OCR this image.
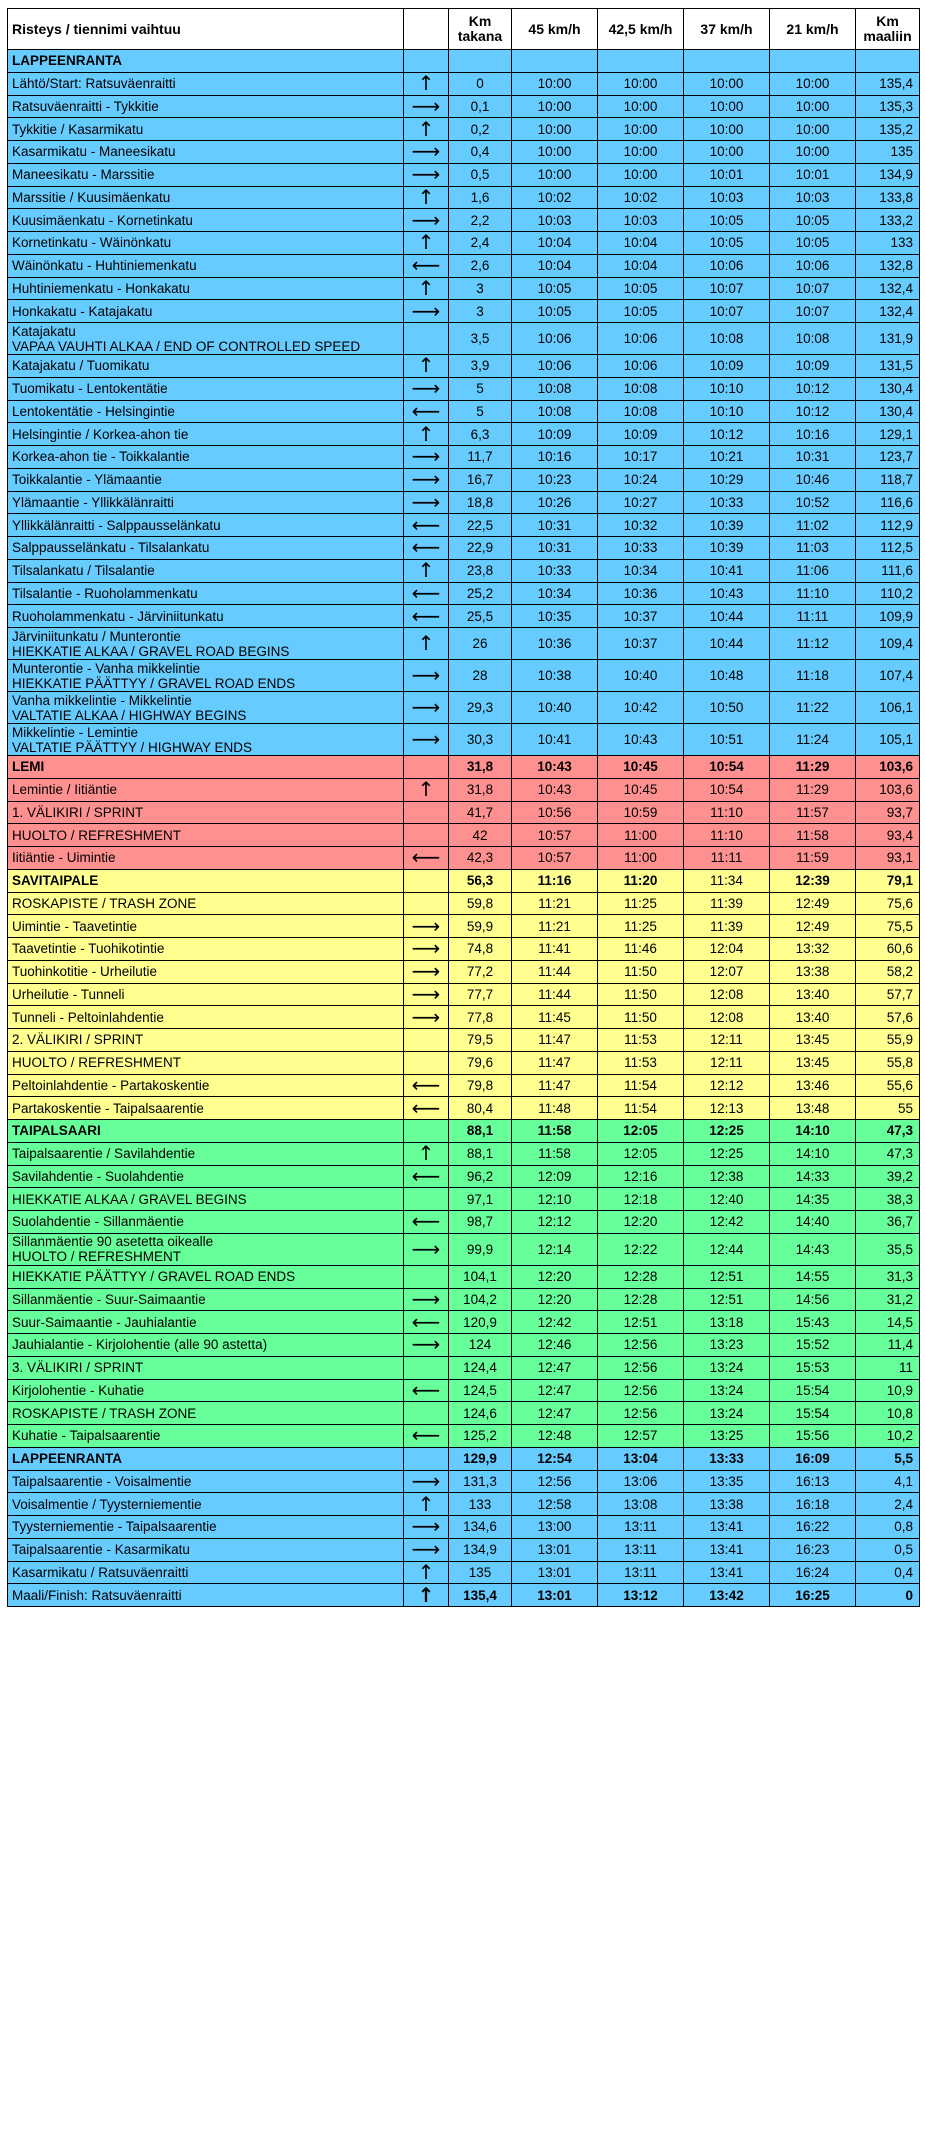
Risteys / tiennimi vaihtuu		Km takana	45 km/h	42,5 km/h	37 km/h	21 km/h	Km maaliin

LAPPEENRANTA							

Lähtö/Start: Ratsuväenraitti	↑	0	10:00	10:00	10:00	10:00	135,4

Ratsuväenraitti - Tykkitie	⟶	0,1	10:00	10:00	10:00	10:00	135,3

Tykkitie / Kasarmikatu	↑	0,2	10:00	10:00	10:00	10:00	135,2

Kasarmikatu - Maneesikatu	⟶	0,4	10:00	10:00	10:00	10:00	135

Maneesikatu - Marssitie	⟶	0,5	10:00	10:00	10:01	10:01	134,9

Marssitie / Kuusimäenkatu	↑	1,6	10:02	10:02	10:03	10:03	133,8

Kuusimäenkatu - Kornetinkatu	⟶	2,2	10:03	10:03	10:05	10:05	133,2

Kornetinkatu - Wäinönkatu	↑	2,4	10:04	10:04	10:05	10:05	133

Wäinönkatu - Huhtiniemenkatu	⟵	2,6	10:04	10:04	10:06	10:06	132,8

Huhtiniemenkatu - Honkakatu	↑	3	10:05	10:05	10:07	10:07	132,4

Honkakatu - Katajakatu	⟶	3	10:05	10:05	10:07	10:07	132,4

Katajakatu
VAPAA VAUHTI ALKAA / END OF CONTROLLED SPEED		3,5	10:06	10:06	10:08	10:08	131,9

Katajakatu / Tuomikatu	↑	3,9	10:06	10:06	10:09	10:09	131,5

Tuomikatu - Lentokentätie	⟶	5	10:08	10:08	10:10	10:12	130,4

Lentokentätie - Helsingintie	⟵	5	10:08	10:08	10:10	10:12	130,4

Helsingintie / Korkea-ahon tie	↑	6,3	10:09	10:09	10:12	10:16	129,1

Korkea-ahon tie - Toikkalantie	⟶	11,7	10:16	10:17	10:21	10:31	123,7

Toikkalantie - Ylämaantie	⟶	16,7	10:23	10:24	10:29	10:46	118,7

Ylämaantie - Yllikkälänraitti	⟶	18,8	10:26	10:27	10:33	10:52	116,6

Yllikkälänraitti - Salppausselänkatu	⟵	22,5	10:31	10:32	10:39	11:02	112,9

Salppausselänkatu - Tilsalankatu	⟵	22,9	10:31	10:33	10:39	11:03	112,5

Tilsalankatu / Tilsalantie	↑	23,8	10:33	10:34	10:41	11:06	111,6

Tilsalantie - Ruoholammenkatu	⟵	25,2	10:34	10:36	10:43	11:10	110,2

Ruoholammenkatu - Järviniitunkatu	⟵	25,5	10:35	10:37	10:44	11:11	109,9

Järviniitunkatu / Munterontie
HIEKKATIE ALKAA / GRAVEL ROAD BEGINS	↑	26	10:36	10:37	10:44	11:12	109,4

Munterontie - Vanha mikkelintie
HIEKKATIE PÄÄTTYY / GRAVEL ROAD ENDS	⟶	28	10:38	10:40	10:48	11:18	107,4

Vanha mikkelintie - Mikkelintie
VALTATIE ALKAA / HIGHWAY BEGINS	⟶	29,3	10:40	10:42	10:50	11:22	106,1

Mikkelintie - Lemintie
VALTATIE PÄÄTTYY / HIGHWAY ENDS	⟶	30,3	10:41	10:43	10:51	11:24	105,1

LEMI		31,8	10:43	10:45	10:54	11:29	103,6

Lemintie / Iitiäntie	↑	31,8	10:43	10:45	10:54	11:29	103,6

1. VÄLIKIRI / SPRINT		41,7	10:56	10:59	11:10	11:57	93,7

HUOLTO / REFRESHMENT		42	10:57	11:00	11:10	11:58	93,4

Iitiäntie - Uimintie	⟵	42,3	10:57	11:00	11:11	11:59	93,1

SAVITAIPALE		56,3	11:16	11:20	11:34	12:39	79,1

ROSKAPISTE / TRASH ZONE		59,8	11:21	11:25	11:39	12:49	75,6

Uimintie - Taavetintie	⟶	59,9	11:21	11:25	11:39	12:49	75,5

Taavetintie - Tuohikotintie	⟶	74,8	11:41	11:46	12:04	13:32	60,6

Tuohinkotitie - Urheilutie	⟶	77,2	11:44	11:50	12:07	13:38	58,2

Urheilutie - Tunneli	⟶	77,7	11:44	11:50	12:08	13:40	57,7

Tunneli - Peltoinlahdentie	⟶	77,8	11:45	11:50	12:08	13:40	57,6

2. VÄLIKIRI / SPRINT		79,5	11:47	11:53	12:11	13:45	55,9

HUOLTO / REFRESHMENT		79,6	11:47	11:53	12:11	13:45	55,8

Peltoinlahdentie - Partakoskentie	⟵	79,8	11:47	11:54	12:12	13:46	55,6

Partakoskentie - Taipalsaarentie	⟵	80,4	11:48	11:54	12:13	13:48	55

TAIPALSAARI		88,1	11:58	12:05	12:25	14:10	47,3

Taipalsaarentie / Savilahdentie	↑	88,1	11:58	12:05	12:25	14:10	47,3

Savilahdentie - Suolahdentie	⟵	96,2	12:09	12:16	12:38	14:33	39,2

HIEKKATIE ALKAA / GRAVEL BEGINS		97,1	12:10	12:18	12:40	14:35	38,3

Suolahdentie - Sillanmäentie	⟵	98,7	12:12	12:20	12:42	14:40	36,7

Sillanmäentie 90 asetetta oikealle
HUOLTO / REFRESHMENT	⟶	99,9	12:14	12:22	12:44	14:43	35,5

HIEKKATIE PÄÄTTYY / GRAVEL ROAD ENDS		104,1	12:20	12:28	12:51	14:55	31,3

Sillanmäentie - Suur-Saimaantie	⟶	104,2	12:20	12:28	12:51	14:56	31,2

Suur-Saimaantie - Jauhialantie	⟵	120,9	12:42	12:51	13:18	15:43	14,5

Jauhialantie - Kirjolohentie (alle 90 astetta)	⟶	124	12:46	12:56	13:23	15:52	11,4

3. VÄLIKIRI / SPRINT		124,4	12:47	12:56	13:24	15:53	11

Kirjolohentie - Kuhatie	⟵	124,5	12:47	12:56	13:24	15:54	10,9

ROSKAPISTE / TRASH ZONE		124,6	12:47	12:56	13:24	15:54	10,8

Kuhatie - Taipalsaarentie	⟵	125,2	12:48	12:57	13:25	15:56	10,2

LAPPEENRANTA		129,9	12:54	13:04	13:33	16:09	5,5

Taipalsaarentie - Voisalmentie	⟶	131,3	12:56	13:06	13:35	16:13	4,1

Voisalmentie / Tyysterniementie	↑	133	12:58	13:08	13:38	16:18	2,4

Tyysterniementie - Taipalsaarentie	⟶	134,6	13:00	13:11	13:41	16:22	0,8

Taipalsaarentie - Kasarmikatu	⟶	134,9	13:01	13:11	13:41	16:23	0,5

Kasarmikatu / Ratsuväenraitti	↑	135	13:01	13:11	13:41	16:24	0,4

Maali/Finish: Ratsuväenraitti	↑	135,4	13:01	13:12	13:42	16:25	0
